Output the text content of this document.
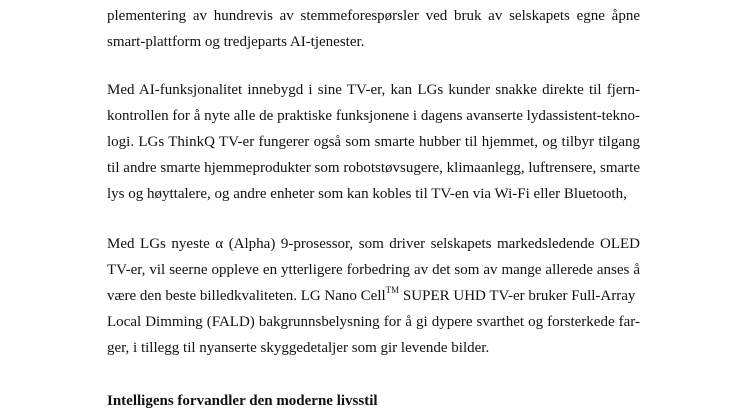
plementering av hundrevis av stemmeforespørsler ved bruk av selskapets egne åpne
smart-plattform og tredjeparts AI-tjenester.
Med AI-funksjonalitet innebygd i sine TV-er, kan LGs kunder snakke direkte til fjern-
kontrollen for å nyte alle de praktiske funksjonene i dagens avanserte lydassistent-tekno-
logi. LGs ThinkQ TV-er fungerer også som smarte hubber til hjemmet, og tilbyr tilgang
til andre smarte hjemmeprodukter som robotstøvsugere, klimaanlegg, luftrensere, smarte
lys og høyttalere, og andre enheter som kan kobles til TV-en via Wi-Fi eller Bluetooth,
Med LGs nyeste α (Alpha) 9-prosessor, som driver selskapets markedsledende OLED
TV-er, vil seerne oppleve en ytterligere forbedring av det som av mange allerede anses å
være den beste billedkvaliteten. LG Nano Cell™ SUPER UHD TV-er bruker Full-Array
Local Dimming (FALD) bakgrunnsbelysning for å gi dypere svarthet og forsterkede far-
ger, i tillegg til nyanserte skyggedetaljer som gir levende bilder.
Intelligens forvandler den moderne livsstil
